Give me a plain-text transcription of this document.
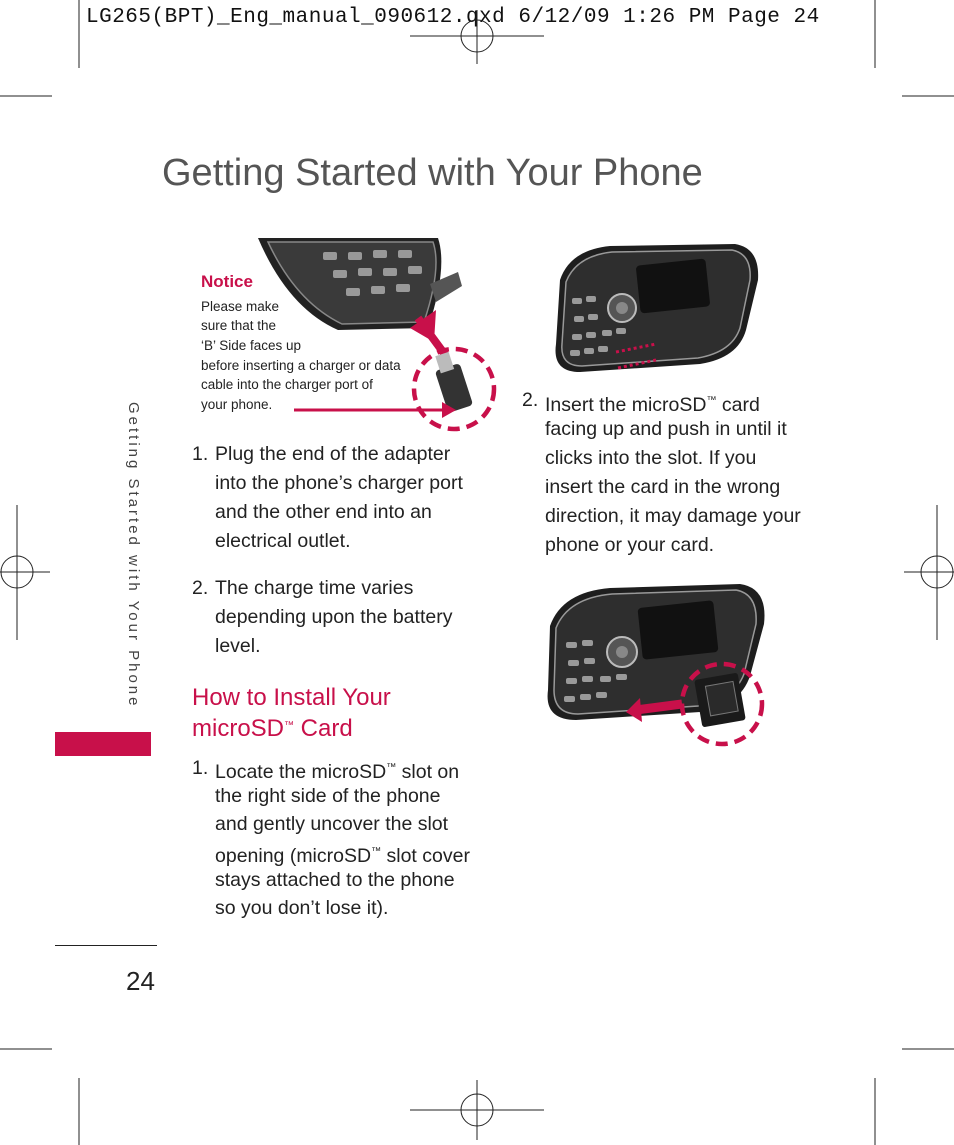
LG265(BPT)_Eng_manual_090612.qxd 6/12/09 1:26 PM Page 24
Getting Started with Your Phone
Getting Started with Your Phone
Notice
Please make
sure that the
‘B’ Side faces up
before inserting a charger or data
cable into the charger port of
your phone.
1. Plug the end of the adapter
into the phone’s charger port
and the other end into an
electrical outlet.
2. The charge time varies
depending upon the battery
level.
How to Install Your
microSD™ Card
1. Locate the microSD™ slot on
the right side of the phone
and gently uncover the slot
opening (microSD™ slot cover
stays attached to the phone
so you don’t lose it).
2. Insert the microSD™ card
facing up and push in until it
clicks into the slot. If you
insert the card in the wrong
direction, it may damage your
phone or your card.
24
